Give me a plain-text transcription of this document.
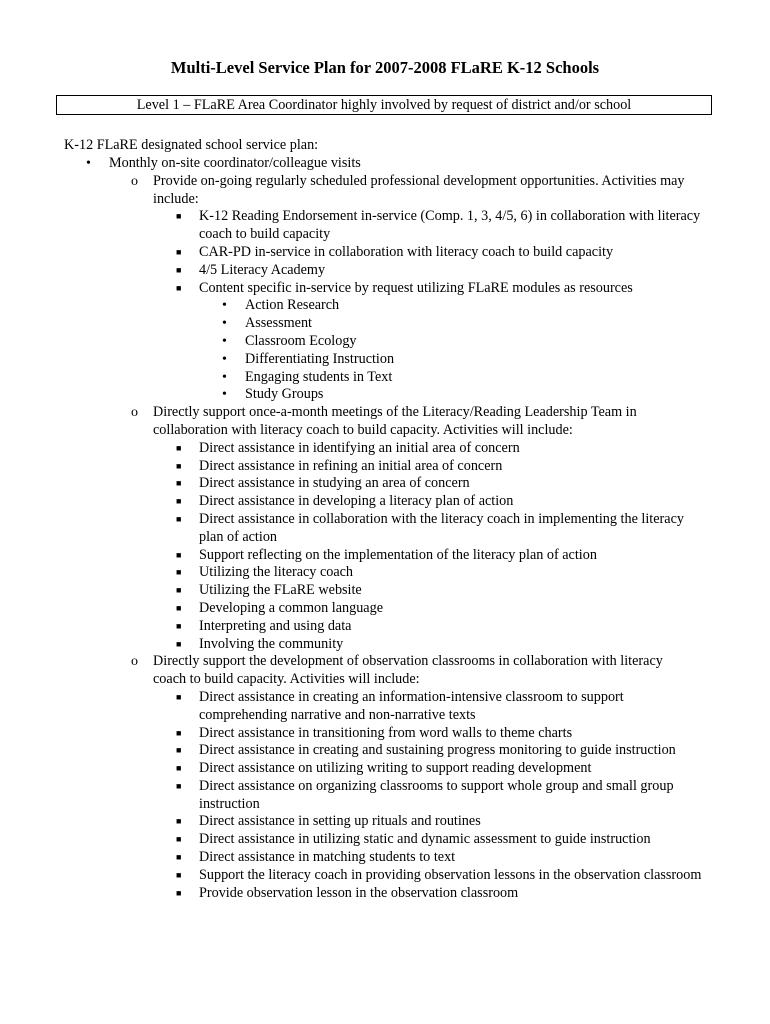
Multi-Level Service Plan for 2007-2008 FLaRE K-12 Schools
Level 1 – FLaRE Area Coordinator highly involved by request of district and/or school

K-12 FLaRE designated school service plan:

• Monthly on-site coordinator/colleague visits
o Provide on-going regularly scheduled professional development opportunities. Activities may include:
■ K-12 Reading Endorsement in-service (Comp. 1, 3, 4/5, 6) in collaboration with literacy coach to build capacity
■ CAR-PD in-service in collaboration with literacy coach to build capacity
■ 4/5 Literacy Academy
■ Content specific in-service by request utilizing FLaRE modules as resources
• Action Research
• Assessment
• Classroom Ecology
• Differentiating Instruction
• Engaging students in Text
• Study Groups
o Directly support once-a-month meetings of the Literacy/Reading Leadership Team in collaboration with literacy coach to build capacity. Activities will include:
■ Direct assistance in identifying an initial area of concern
■ Direct assistance in refining an initial area of concern
■ Direct assistance in studying an area of concern
■ Direct assistance in developing a literacy plan of action
■ Direct assistance in collaboration with the literacy coach in implementing the literacy plan of action
■ Support reflecting on the implementation of the literacy plan of action
■ Utilizing the literacy coach
■ Utilizing the FLaRE website
■ Developing a common language
■ Interpreting and using data
■ Involving the community
o Directly support the development of observation classrooms in collaboration with literacy coach to build capacity. Activities will include:
■ Direct assistance in creating an information-intensive classroom to support comprehending narrative and non-narrative texts
■ Direct assistance in transitioning from word walls to theme charts
■ Direct assistance in creating and sustaining progress monitoring to guide instruction
■ Direct assistance on utilizing writing to support reading development
■ Direct assistance on organizing classrooms to support whole group and small group instruction
■ Direct assistance in setting up rituals and routines
■ Direct assistance in utilizing static and dynamic assessment to guide instruction
■ Direct assistance in matching students to text
■ Support the literacy coach in providing observation lessons in the observation classroom
■ Provide observation lesson in the observation classroom
